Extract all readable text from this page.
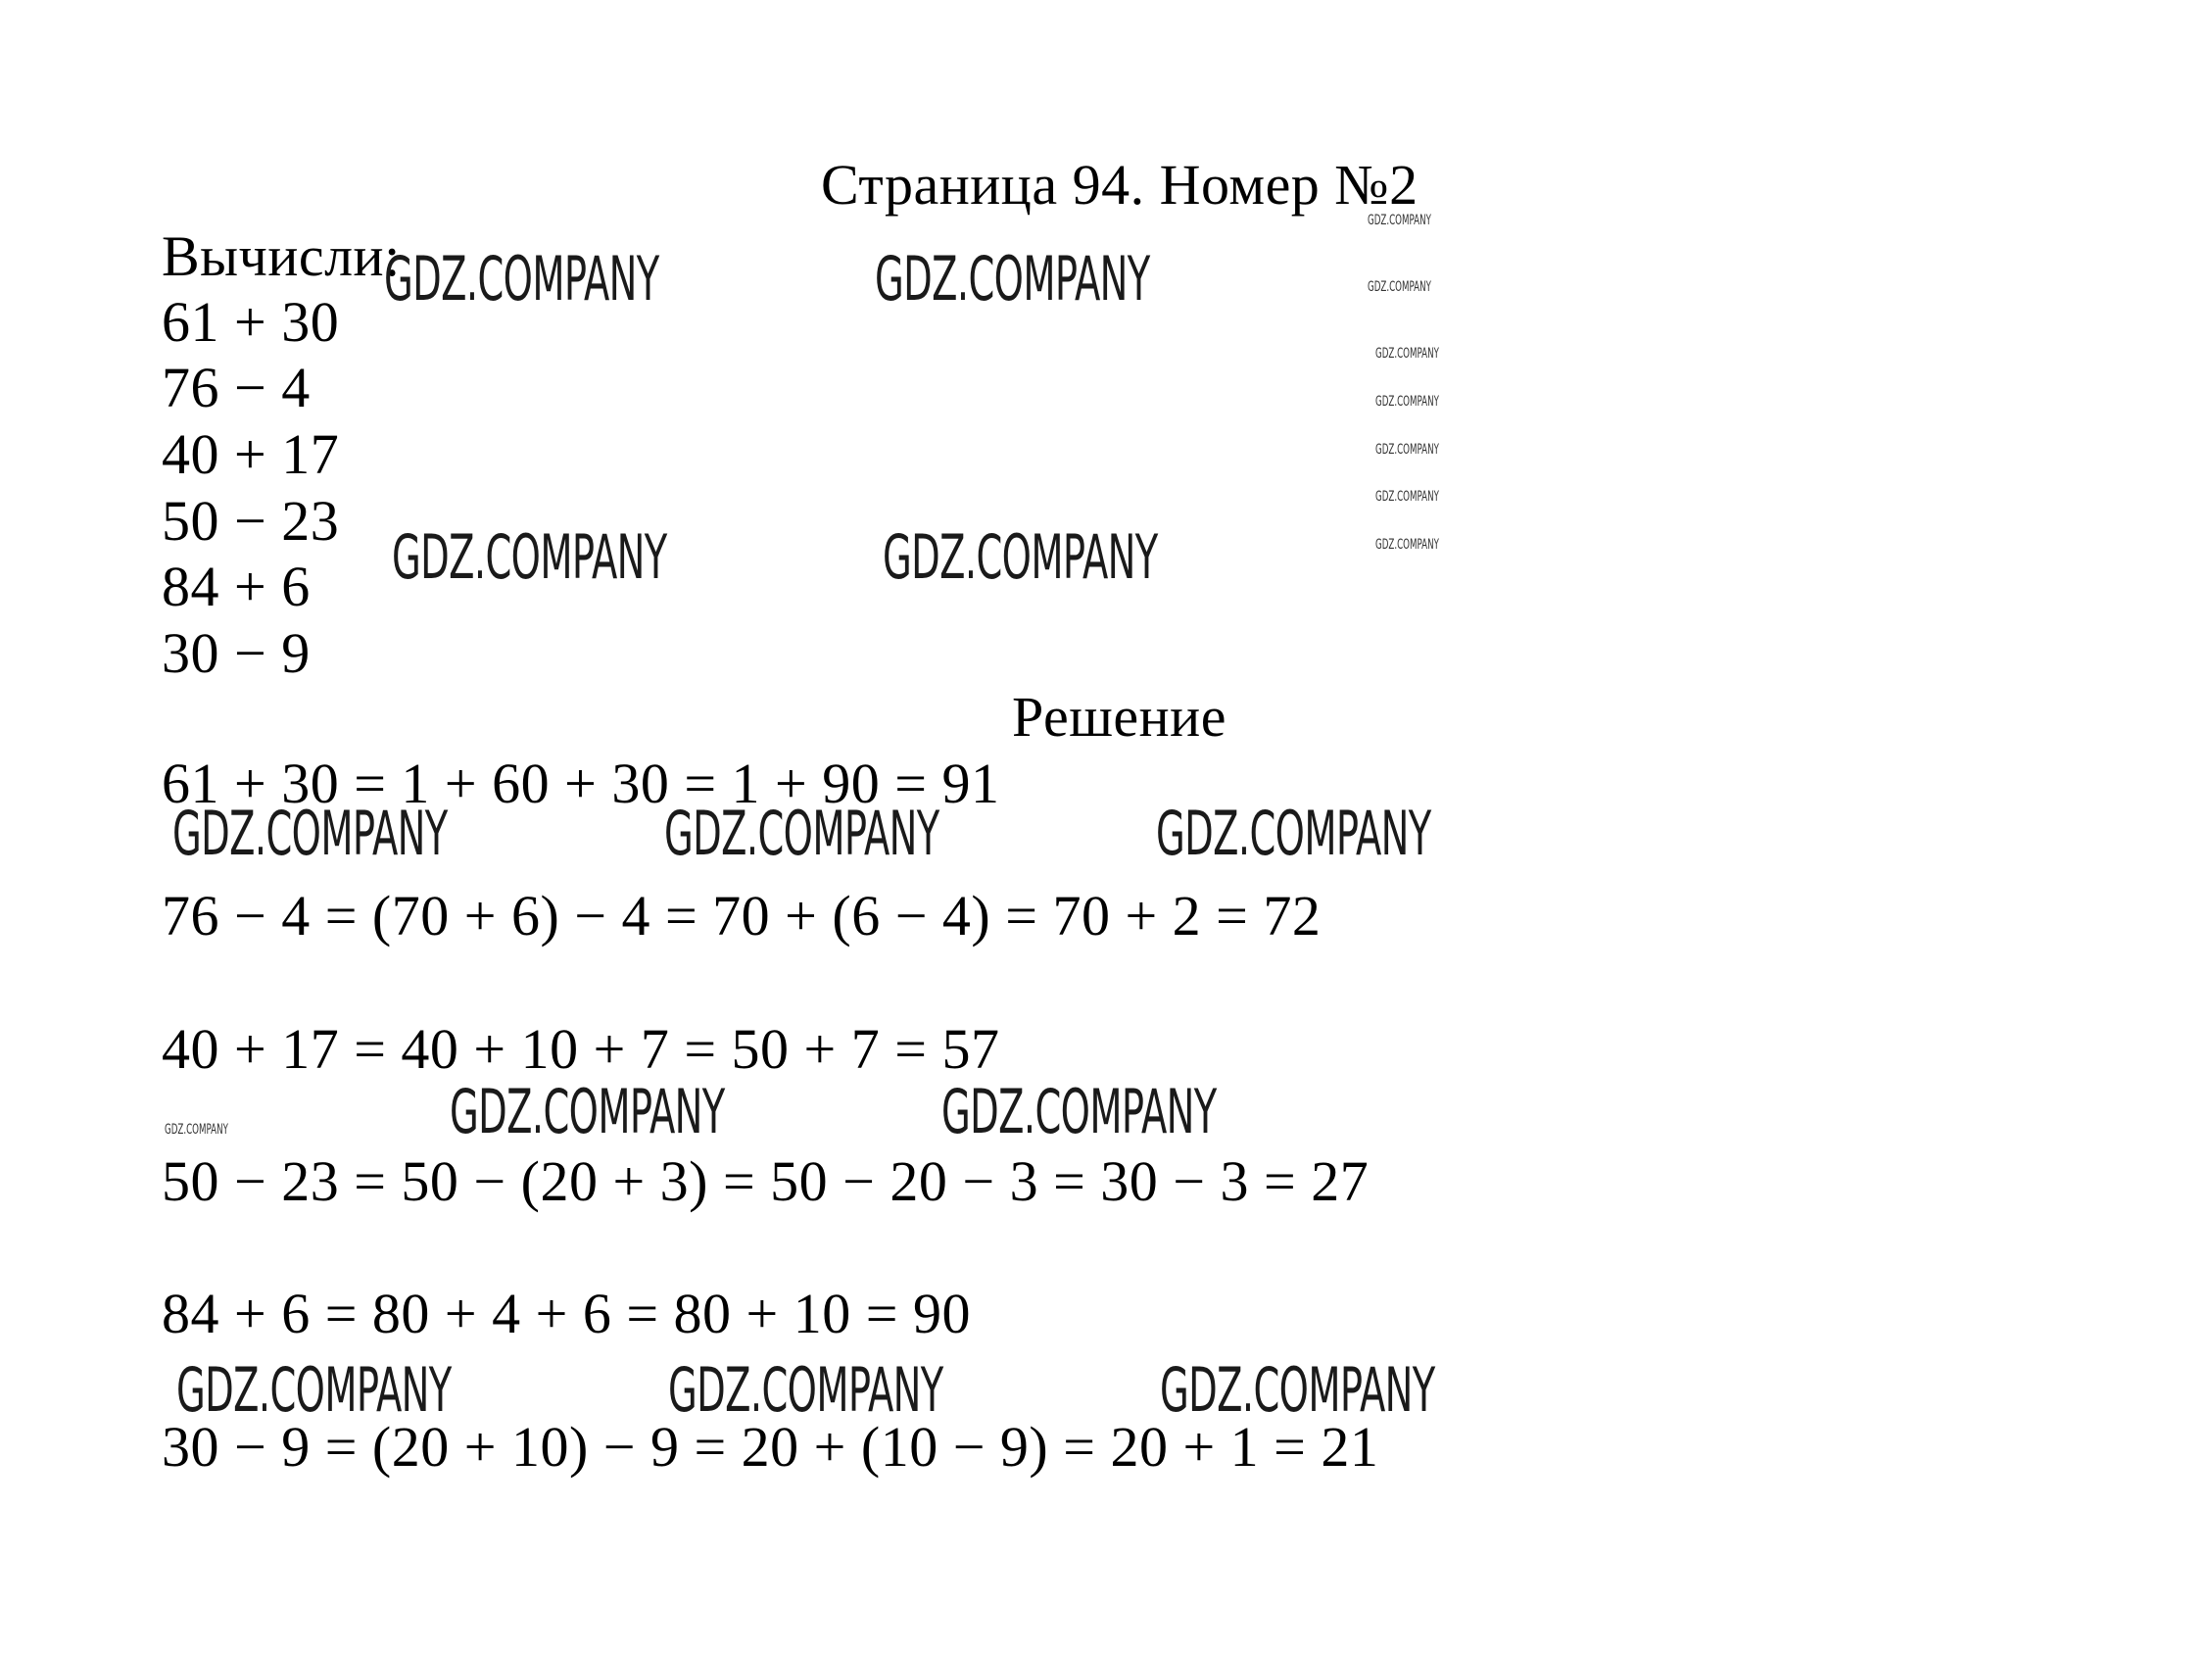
Страница 94. Номер №2
Вычисли:
61 + 30
76 − 4
40 + 17
50 − 23
84 + 6
30 − 9
Решение
61 + 30 = 1 + 60 + 30 = 1 + 90 = 91
76 − 4 = (70 + 6) − 4 = 70 + (6 − 4) = 70 + 2 = 72
40 + 17 = 40 + 10 + 7 = 50 + 7 = 57
50 − 23 = 50 − (20 + 3) = 50 − 20 − 3 = 30 − 3 = 27
84 + 6 = 80 + 4 + 6 = 80 + 10 = 90
30 − 9 = (20 + 10) − 9 = 20 + (10 − 9) = 20 + 1 = 21
GDZ.COMPANY	GDZ.COMPANY
GDZ.COMPANY	GDZ.COMPANY
GDZ.COMPANY	GDZ.COMPANY	GDZ.COMPANY
GDZ.COMPANY	GDZ.COMPANY
GDZ.COMPANY	GDZ.COMPANY	GDZ.COMPANY
GDZ.COMPANY
GDZ.COMPANY
GDZ.COMPANY
GDZ.COMPANY
GDZ.COMPANY
GDZ.COMPANY
GDZ.COMPANY
GDZ.COMPANY
